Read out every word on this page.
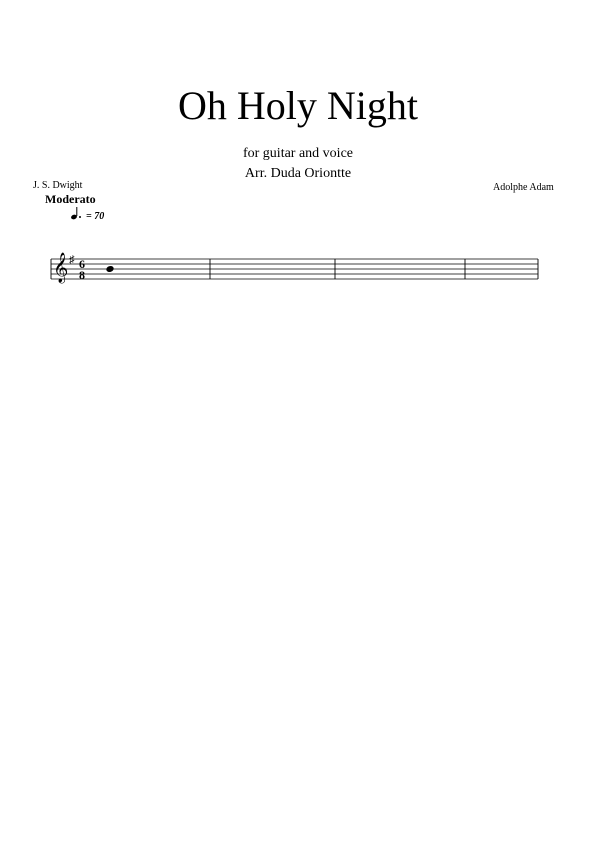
Oh Holy Night
for guitar and voice
Arr. Duda Oriontte
J. S. Dwight	Adolphe Adam
Moderato
= 70
𝄞 ♯ 6
8
